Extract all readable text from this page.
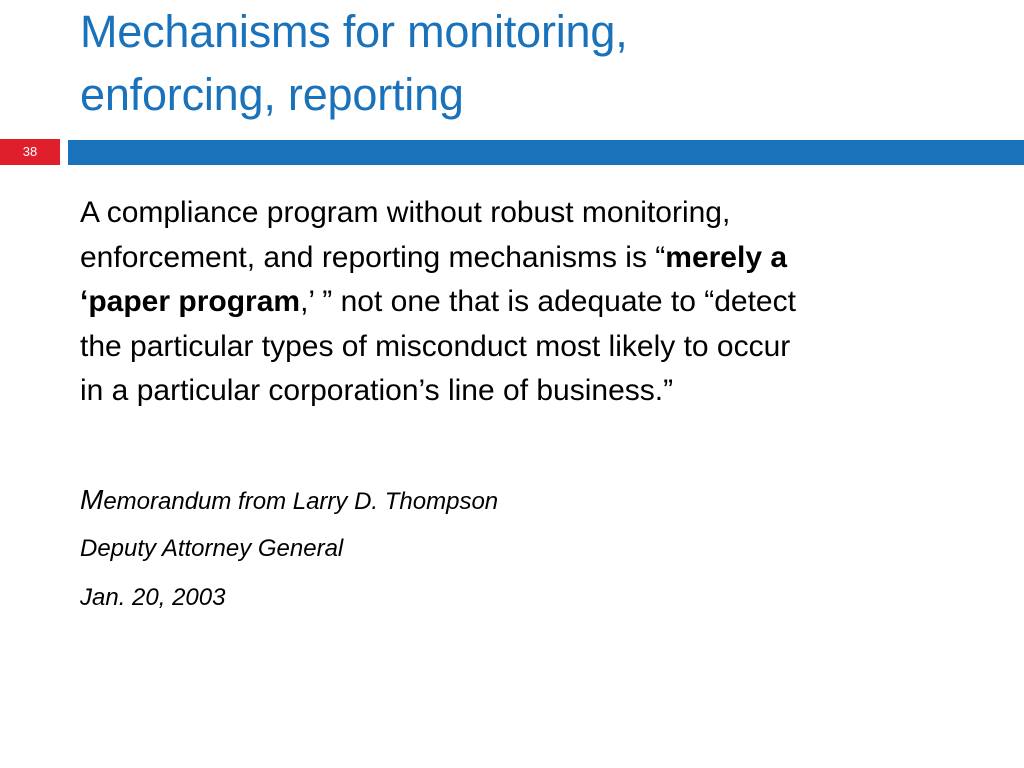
Mechanisms for monitoring,
enforcing, reporting
38

A compliance program without robust monitoring,
enforcement, and reporting mechanisms is “merely a
‘paper program,’ ” not one that is adequate to “detect
the particular types of misconduct most likely to occur
in a particular corporation’s line of business.”

Memorandum from Larry D. Thompson

Deputy Attorney General

Jan. 20, 2003
